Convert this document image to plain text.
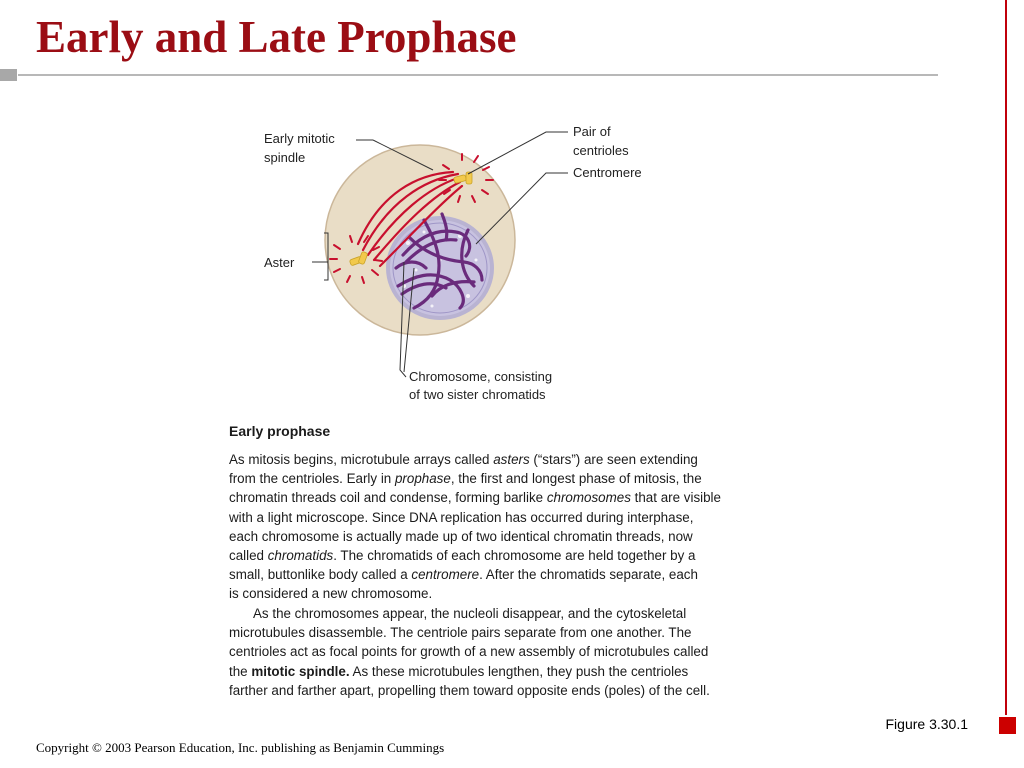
Early and Late Prophase
Early mitotic spindle
Pair of centrioles
Centromere
Aster
Chromosome, consisting of two sister chromatids
Early prophase

As mitosis begins, microtubule arrays called asters (“stars”) are seen extending

from the centrioles. Early in prophase, the first and longest phase of mitosis, the

chromatin threads coil and condense, forming barlike chromosomes that are visible

with a light microscope. Since DNA replication has occurred during interphase,

each chromosome is actually made up of two identical chromatin threads, now

called chromatids. The chromatids of each chromosome are held together by a

small, buttonlike body called a centromere. After the chromatids separate, each

is considered a new chromosome.

As the chromosomes appear, the nucleoli disappear, and the cytoskeletal

microtubules disassemble. The centriole pairs separate from one another. The

centrioles act as focal points for growth of a new assembly of microtubules called

the mitotic spindle. As these microtubules lengthen, they push the centrioles

farther and farther apart, propelling them toward opposite ends (poles) of the cell.

Figure 3.30.1
Copyright © 2003 Pearson Education, Inc. publishing as Benjamin Cummings
